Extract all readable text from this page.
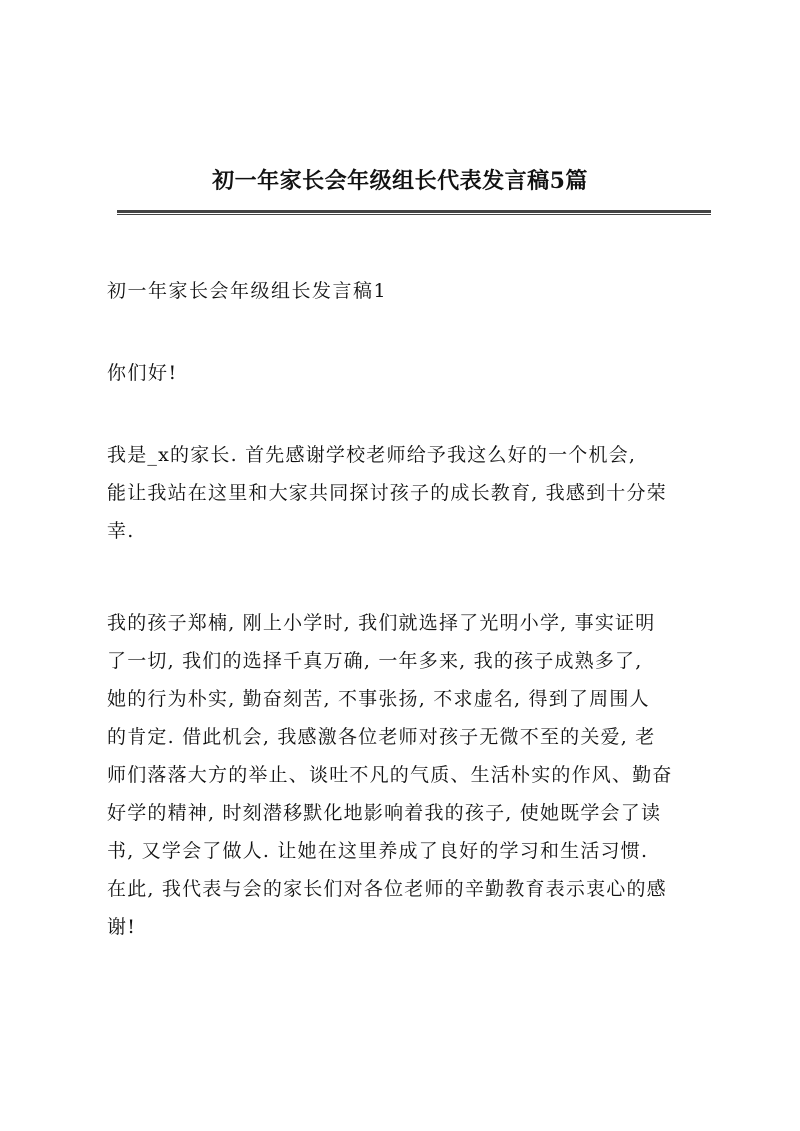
初一年家长会年级组长代表发言稿5篇
初一年家长会年级组长发言稿1
你们好!

我是_x的家长. 首先感谢学校老师给予我这么好的一个机会,
能让我站在这里和大家共同探讨孩子的成长教育, 我感到十分荣
幸.

我的孩子郑楠, 刚上小学时, 我们就选择了光明小学, 事实证明
了一切, 我们的选择千真万确, 一年多来, 我的孩子成熟多了,
她的行为朴实, 勤奋刻苦, 不事张扬, 不求虚名, 得到了周围人
的肯定. 借此机会, 我感激各位老师对孩子无微不至的关爱, 老
师们落落大方的举止、谈吐不凡的气质、生活朴实的作风、勤奋
好学的精神, 时刻潜移默化地影响着我的孩子, 使她既学会了读
书, 又学会了做人. 让她在这里养成了良好的学习和生活习惯.
在此, 我代表与会的家长们对各位老师的辛勤教育表示衷心的感
谢!
